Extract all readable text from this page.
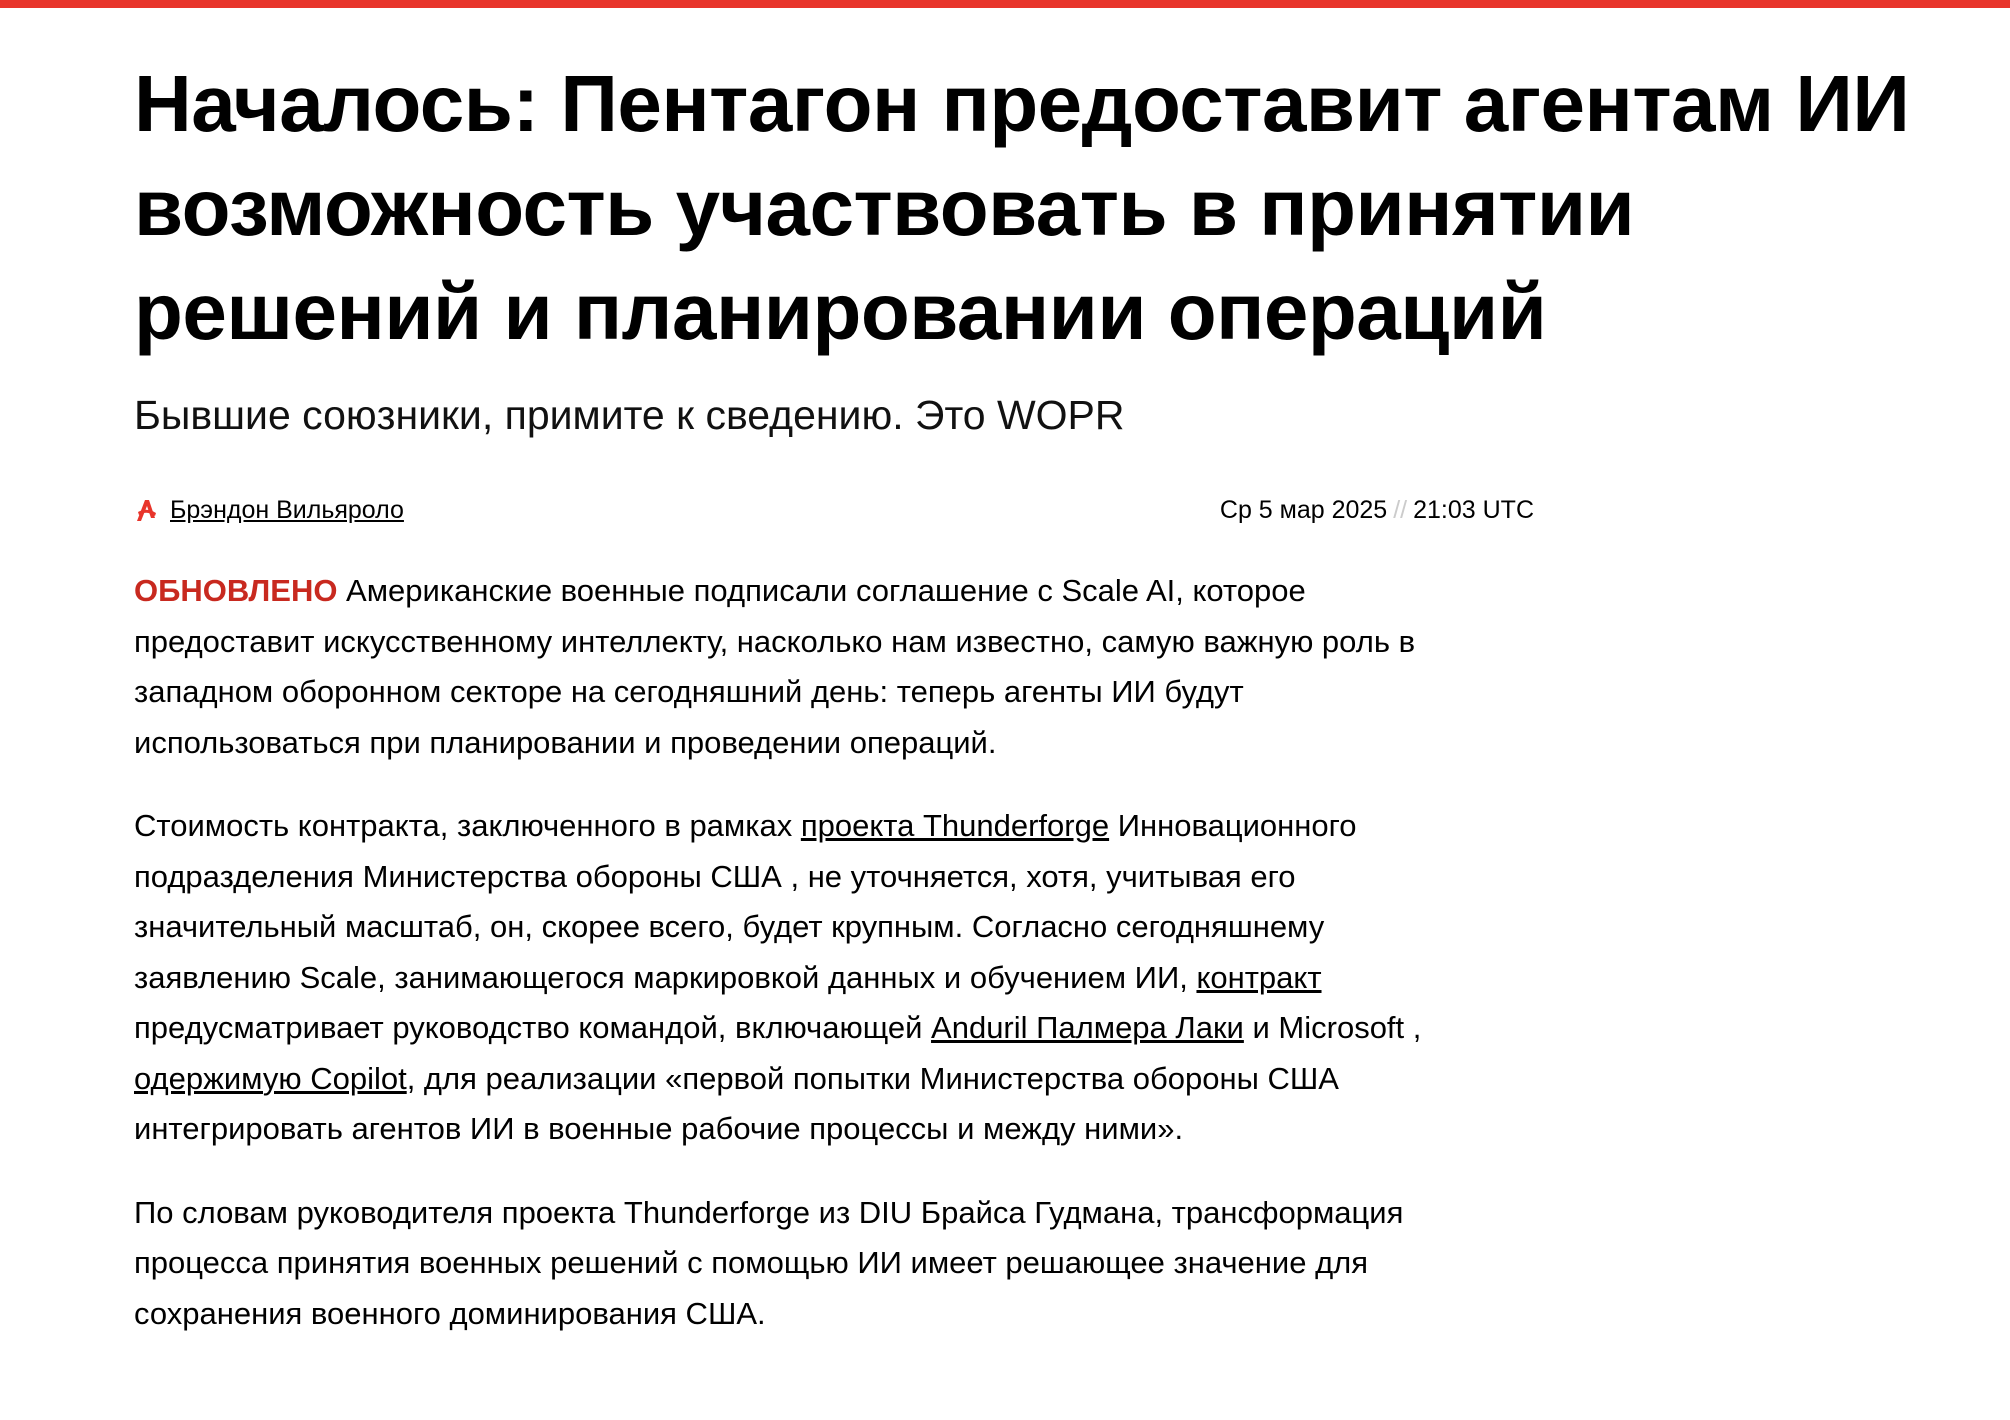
Началось: Пентагон предоставит агентам ИИ возможность участвовать в принятии решений и планировании операций
Бывшие союзники, примите к сведению. Это WOPR
Брэндон Вильяроло	Ср 5 мар 2025 // 21:03 UTC

ОБНОВЛЕНО Американские военные подписали соглашение с Scale AI, которое предоставит искусственному интеллекту, насколько нам известно, самую важную роль в западном оборонном секторе на сегодняшний день: теперь агенты ИИ будут использоваться при планировании и проведении операций.

Стоимость контракта, заключенного в рамках проекта Thunderforge Инновационного подразделения Министерства обороны США , не уточняется, хотя, учитывая его значительный масштаб, он, скорее всего, будет крупным. Согласно сегодняшнему заявлению Scale, занимающегося маркировкой данных и обучением ИИ, контракт предусматривает руководство командой, включающей Anduril Палмера Лаки и Microsoft , одержимую Copilot, для реализации «первой попытки Министерства обороны США интегрировать агентов ИИ в военные рабочие процессы и между ними».

По словам руководителя проекта Thunderforge из DIU Брайса Гудмана, трансформация процесса принятия военных решений с помощью ИИ имеет решающее значение для сохранения военного доминирования США.
